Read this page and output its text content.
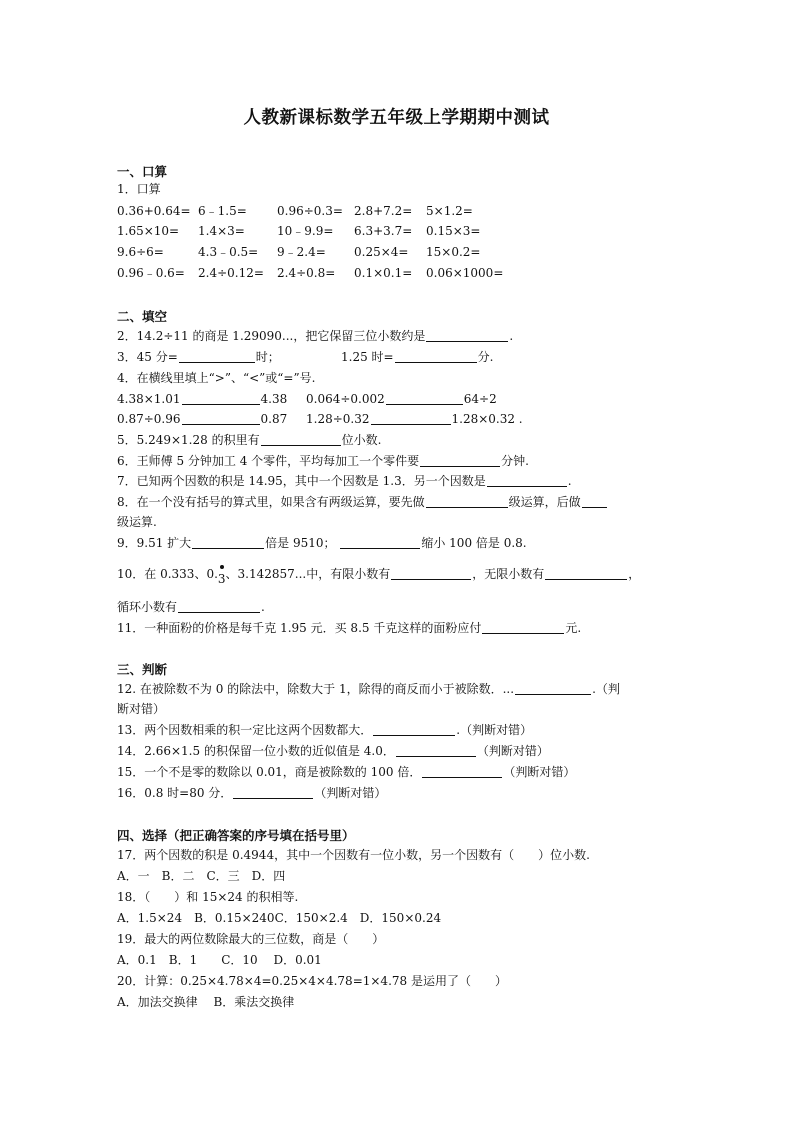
人教新课标数学五年级上学期期中测试
一、口算
1．口算
0.36+0.64= 6﹣1.5=	0.96÷0.3= 2.8+7.2= 5×1.2=
1.65×10= 1.4×3=	10﹣9.9= 6.3+3.7= 0.15×3=
9.6÷6=	4.3﹣0.5= 9﹣2.4= 0.25×4= 15×0.2=
0.96﹣0.6= 2.4÷0.12= 2.4÷0.8= 0.1×0.1= 0.06×1000=
二、填空
2．14.2÷11 的商是 1.29090...，把它保留三位小数约是	.
3．45 分=	时；	1.25 时=	分.
4．在横线里填上“>”、“<”或“=”号.
4.38×1.01	4.38 0.064÷0.002	64÷2
0.87÷0.96	0.87 1.28÷0.32	1.28×0.32 .
5．5.249×1.28 的积里有	位小数.
6．王师傅 5 分钟加工 4 个零件，平均每加工一个零件要	分钟.
7．已知两个因数的积是 14.95，其中一个因数是 1.3．另一个因数是	.
8．在一个没有括号的算式里，如果含有两级运算，要先做	级运算，后做
级运算.
9．9.51 扩大	倍是 9510；	缩小 100 倍是 0.8.
10．在 0.333、0.3、3.142857...中，有限小数有	，无限小数有	，
循环小数有	.
11．一种面粉的价格是每千克 1.95 元．买 8.5 千克这样的面粉应付	元.
三、判断
12. 在被除数不为 0 的除法中，除数大于 1，除得的商反而小于被除数．...	.（判
断对错）
13．两个因数相乘的积一定比这两个因数都大．	.（判断对错）
14．2.66×1.5 的积保留一位小数的近似值是 4.0．	（判断对错）
15．一个不是零的数除以 0.01，商是被除数的 100 倍．	（判断对错）
16．0.8 时=80 分．	（判断对错）
四、选择（把正确答案的序号填在括号里）
17．两个因数的积是 0.4944，其中一个因数有一位小数，另一个因数有（　　）位小数.
A．一　B．二　C．三　D．四
18．（　　）和 15×24 的积相等.
A．1.5×24　B．0.15×240C．150×2.4　D．150×0.24
19．最大的两位数除最大的三位数，商是（　　）
A．0.1　B．1　　C．10　 D．0.01
20．计算：0.25×4.78×4=0.25×4×4.78=1×4.78 是运用了（　　）
A．加法交换律　 B．乘法交换律
